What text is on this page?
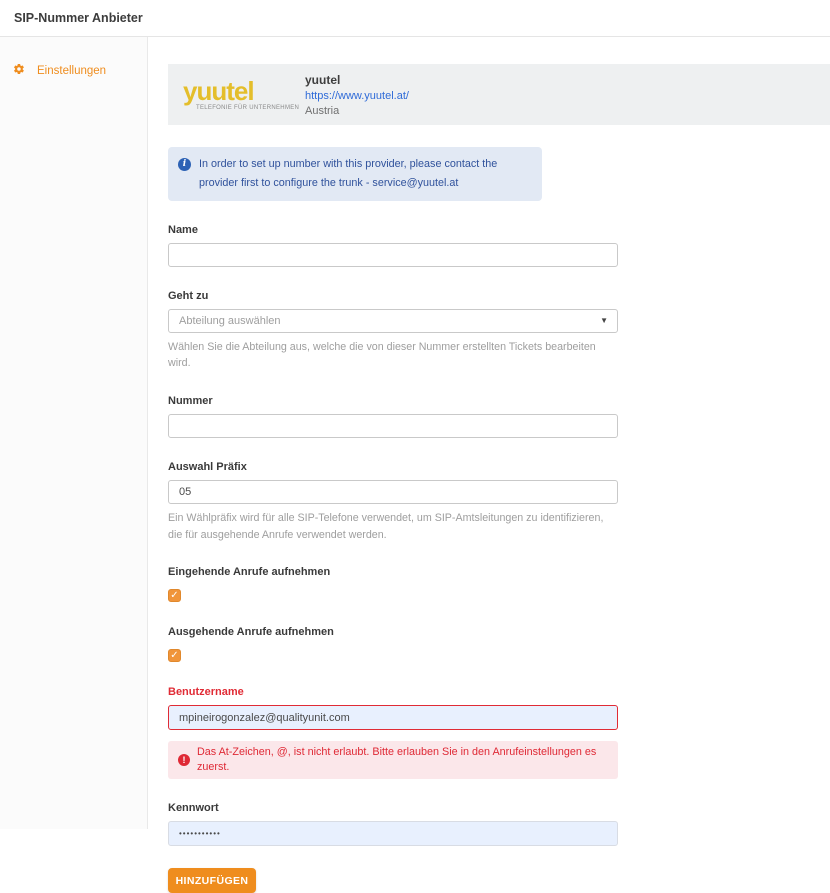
SIP-Nummer Anbieter
Einstellungen
yuutel
TELEFONIE FÜR UNTERNEHMEN
yuutel
https://www.yuutel.at/
Austria
i	In order to set up number with this provider, please contact the provider first to configure the trunk - service@yuutel.at
Name
Geht zu
Abteilung auswählen	▼
Wählen Sie die Abteilung aus, welche die von dieser Nummer erstellten Tickets bearbeiten wird.
Nummer
Auswahl Präfix
05
Ein Wählpräfix wird für alle SIP-Telefone verwendet, um SIP-Amtsleitungen zu identifizieren, die für ausgehende Anrufe verwendet werden.
Eingehende Anrufe aufnehmen
✓
Ausgehende Anrufe aufnehmen
✓
Benutzername
mpineirogonzalez@qualityunit.com
!
Das At-Zeichen, @, ist nicht erlaubt. Bitte erlauben Sie in den Anrufeinstellungen es zuerst.
Kennwort
•••••••••••
HINZUFÜGEN
